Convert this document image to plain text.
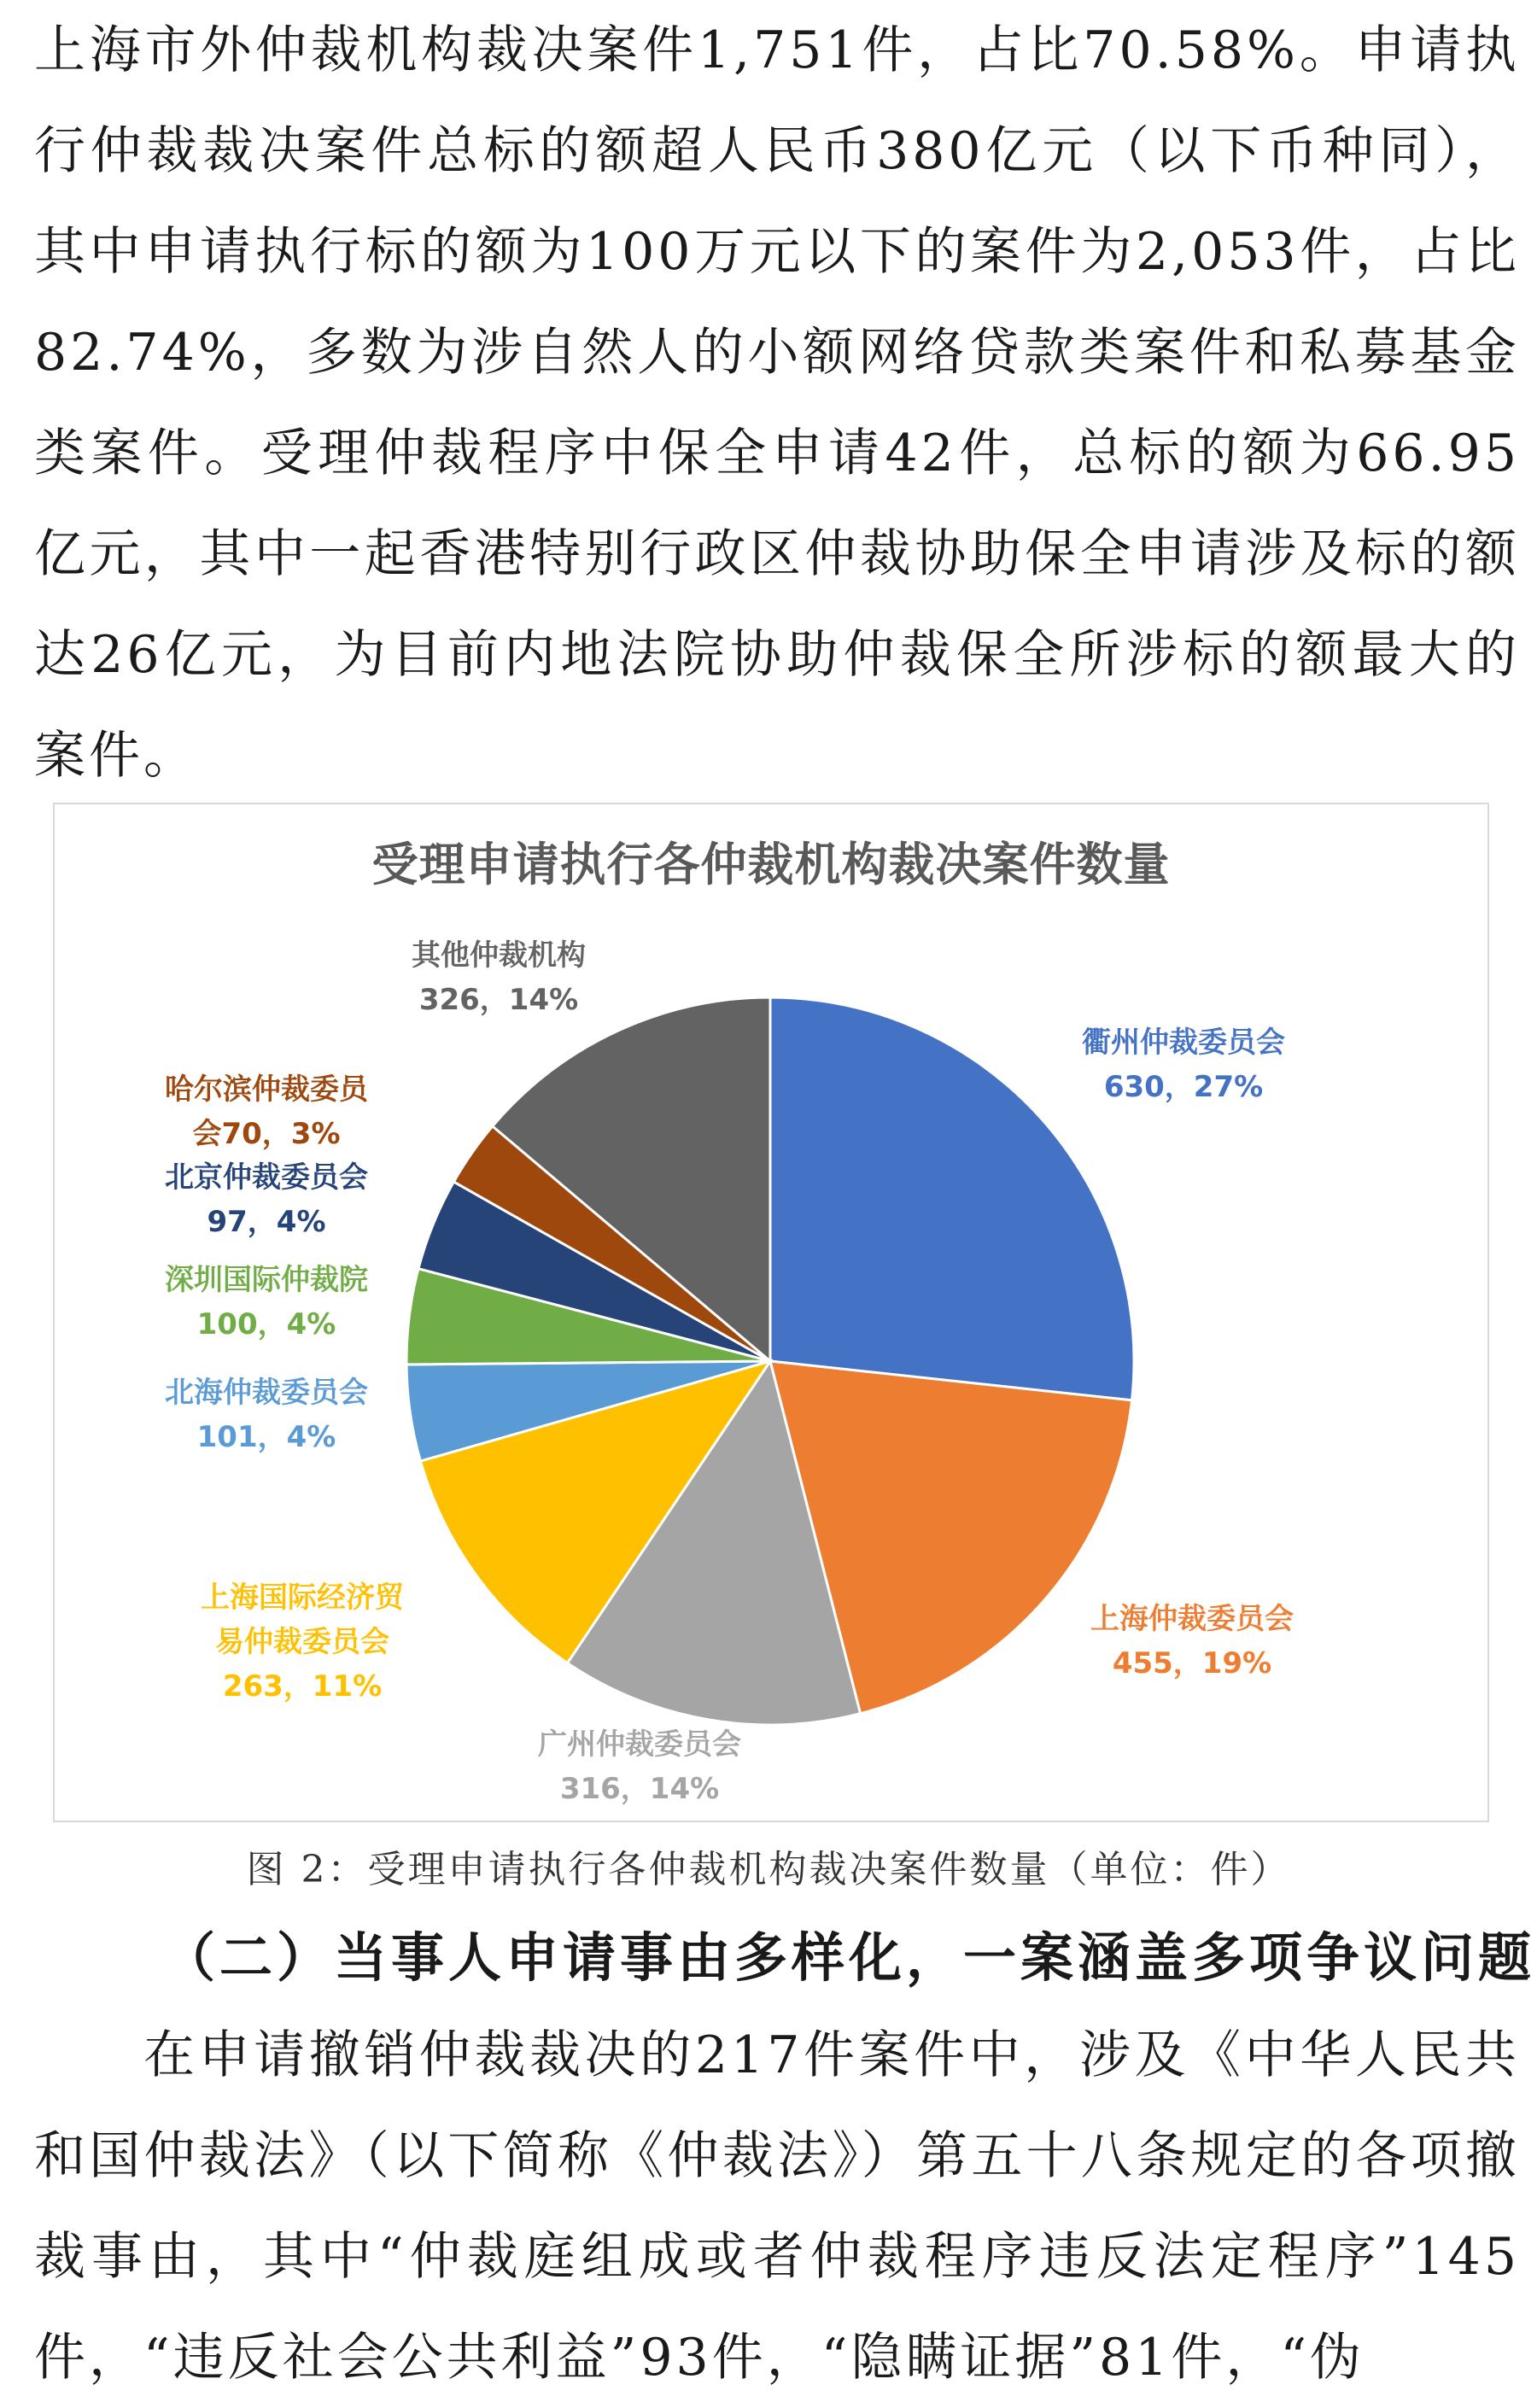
上海市外仲裁机构裁决案件1,751件，占比70.58%。申请执行仲裁裁决案件总标的额超人民币380亿元（以下币种同），其中申请执行标的额为100万元以下的案件为2,053件，占比82.74%，多数为涉自然人的小额网络贷款类案件和私募基金类案件。受理仲裁程序中保全申请42件，总标的额为66.95亿元，其中一起香港特别行政区仲裁协助保全申请涉及标的额达26亿元，为目前内地法院协助仲裁保全所涉标的额最大的案件。

受理申请执行各仲裁机构裁决案件数量
衢州仲裁委员会 630，27%
上海仲裁委员会 455，19%
广州仲裁委员会 316，14%
上海国际经济贸易仲裁委员会 263，11%
北海仲裁委员会 101，4%
深圳国际仲裁院 100，4%
北京仲裁委员会 97，4%
哈尔滨仲裁委员会70，3%
其他仲裁机构 326，14%
图 2：受理申请执行各仲裁机构裁决案件数量（单位：件）
（二）当事人申请事由多样化，一案涵盖多项争议问题

在申请撤销仲裁裁决的217件案件中，涉及《中华人民共和国仲裁法》（以下简称《仲裁法》）第五十八条规定的各项撤裁事由，其中“仲裁庭组成或者仲裁程序违反法定程序”145件，“违反社会公共利益”93件，“隐瞒证据”81件，“伪
